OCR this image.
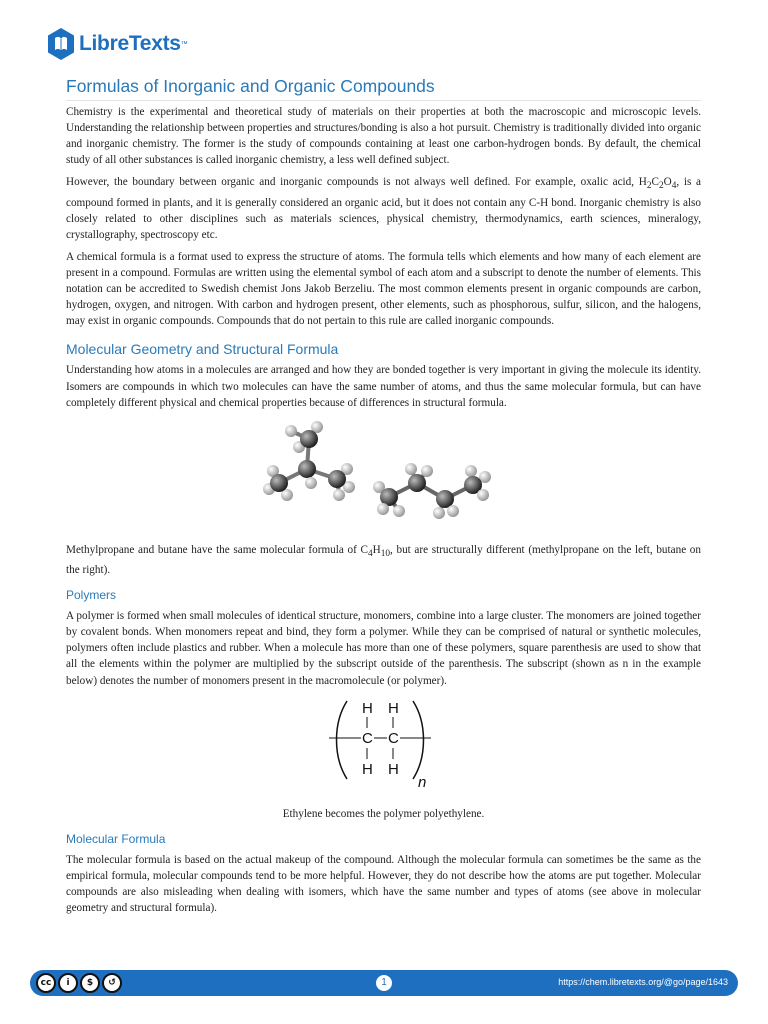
LibreTexts ™
Formulas of Inorganic and Organic Compounds

Chemistry is the experimental and theoretical study of materials on their properties at both the macroscopic and microscopic levels. Understanding the relationship between properties and structures/bonding is also a hot pursuit. Chemistry is traditionally divided into organic and inorganic chemistry. The former is the study of compounds containing at least one carbon-hydrogen bonds. By default, the chemical study of all other substances is called inorganic chemistry, a less well defined subject.

However, the boundary between organic and inorganic compounds is not always well defined. For example, oxalic acid, $H_2C_2O_4$, is a compound formed in plants, and it is generally considered an organic acid, but it does not contain any C-H bond. Inorganic chemistry is also closely related to other disciplines such as materials sciences, physical chemistry, thermodynamics, earth sciences, mineralogy, crystallography, spectroscopy etc.

A chemical formula is a format used to express the structure of atoms. The formula tells which elements and how many of each element are present in a compound. Formulas are written using the elemental symbol of each atom and a subscript to denote the number of elements. This notation can be accredited to Swedish chemist Jons Jakob Berzeliu. The most common elements present in organic compounds are carbon, hydrogen, oxygen, and nitrogen. With carbon and hydrogen present, other elements, such as phosphorous, sulfur, silicon, and the halogens, may exist in organic compounds. Compounds that do not pertain to this rule are called inorganic compounds.

Molecular Geometry and Structural Formula

Understanding how atoms in a molecules are arranged and how they are bonded together is very important in giving the molecule its identity. Isomers are compounds in which two molecules can have the same number of atoms, and thus the same molecular formula, but can have completely different physical and chemical properties because of differences in structural formula.

Methylpropane and butane have the same molecular formula of $C_4H_{10}$, but are structurally different (methylpropane on the left, butane on the right).

Polymers

A polymer is formed when small molecules of identical structure, monomers, combine into a large cluster. The monomers are joined together by covalent bonds. When monomers repeat and bind, they form a polymer. While they can be comprised of natural or synthetic molecules, polymers often include plastics and rubber. When a molecule has more than one of these polymers, square parenthesis are used to show that all the elements within the polymer are multiplied by the subscript outside of the parenthesis. The subscript (shown as n in the example below) denotes the number of monomers present in the macromolecule (or polymer).

H H
C C
H H
n

Ethylene becomes the polymer polyethylene.

Molecular Formula

The molecular formula is based on the actual makeup of the compound. Although the molecular formula can sometimes be the same as the empirical formula, molecular compounds tend to be more helpful. However, they do not describe how the atoms are put together. Molecular compounds are also misleading when dealing with isomers, which have the same number and types of atoms (see above in molecular geometry and structural formula).

cc	i	$	↺	1	https://chem.libretexts.org/@go/page/1643
